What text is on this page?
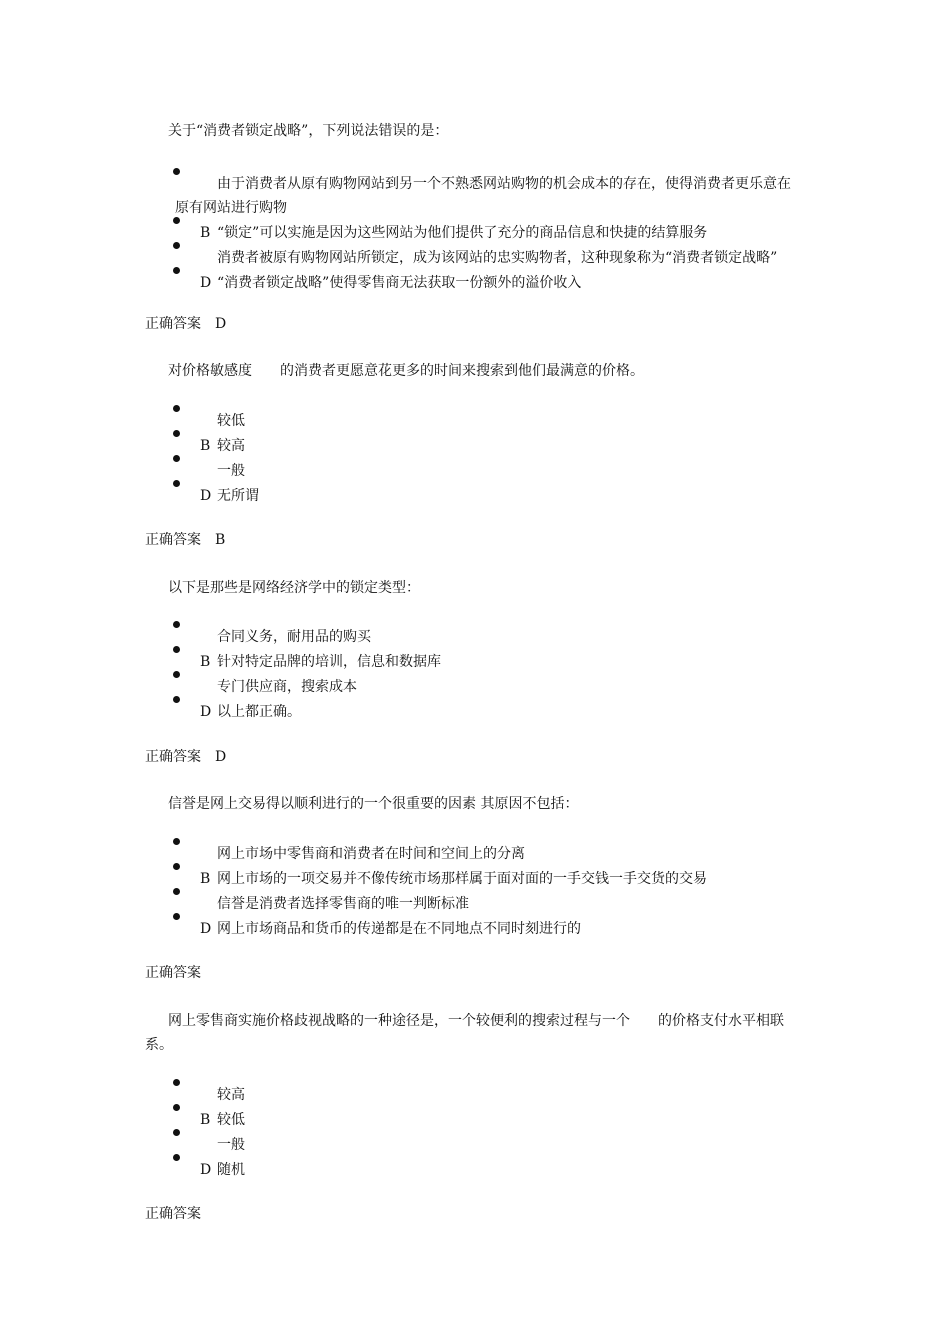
关于“消费者锁定战略”，下列说法错误的是：
由于消费者从原有购物网站到另一个不熟悉网站购物的机会成本的存在，使得消费者更乐意在
原有网站进行购物
B “锁定”可以实施是因为这些网站为他们提供了充分的商品信息和快捷的结算服务
消费者被原有购物网站所锁定，成为该网站的忠实购物者，这种现象称为“消费者锁定战略”
D “消费者锁定战略”使得零售商无法获取一份额外的溢价收入
正确答案 D
对价格敏感度　　的消费者更愿意花更多的时间来搜索到他们最满意的价格。
较低
B 较高
一般
D 无所谓
正确答案 B
以下是那些是网络经济学中的锁定类型：
合同义务，耐用品的购买
B 针对特定品牌的培训，信息和数据库
专门供应商，搜索成本
D 以上都正确。
正确答案 D
信誉是网上交易得以顺利进行的一个很重要的因素 其原因不包括：
网上市场中零售商和消费者在时间和空间上的分离
B 网上市场的一项交易并不像传统市场那样属于面对面的一手交钱一手交货的交易
信誉是消费者选择零售商的唯一判断标准
D 网上市场商品和货币的传递都是在不同地点不同时刻进行的
正确答案
网上零售商实施价格歧视战略的一种途径是，一个较便利的搜索过程与一个　　的价格支付水平相联系。
较高
B 较低
一般
D 随机
正确答案
